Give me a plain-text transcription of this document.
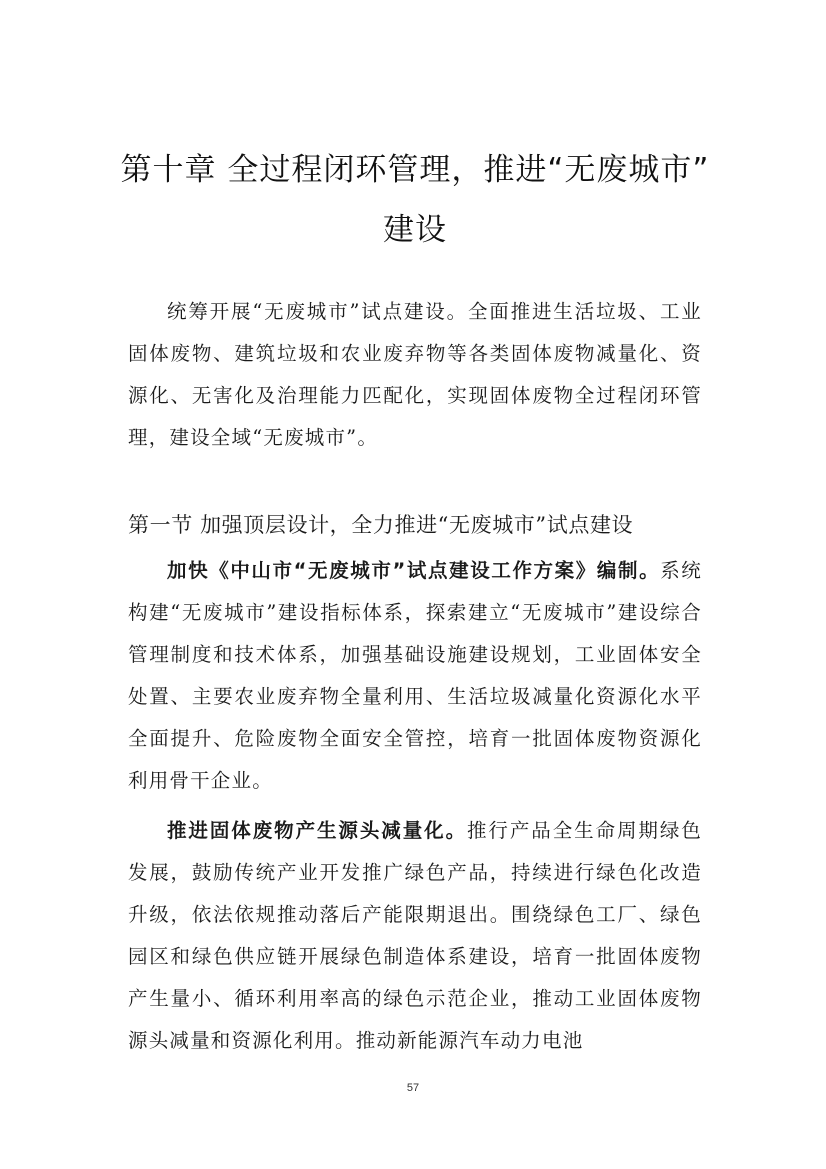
第十章 全过程闭环管理，推进“无废城市”
建设

统筹开展“无废城市”试点建设。全面推进生活垃圾、工业固体废物、建筑垃圾和农业废弃物等各类固体废物减量化、资源化、无害化及治理能力匹配化，实现固体废物全过程闭环管理，建设全域“无废城市”。

第一节 加强顶层设计，全力推进“无废城市”试点建设

加快《中山市“无废城市”试点建设工作方案》编制。系统构建“无废城市”建设指标体系，探索建立“无废城市”建设综合管理制度和技术体系，加强基础设施建设规划，工业固体安全处置、主要农业废弃物全量利用、生活垃圾减量化资源化水平全面提升、危险废物全面安全管控，培育一批固体废物资源化利用骨干企业。

推进固体废物产生源头减量化。推行产品全生命周期绿色发展，鼓励传统产业开发推广绿色产品，持续进行绿色化改造升级，依法依规推动落后产能限期退出。围绕绿色工厂、绿色园区和绿色供应链开展绿色制造体系建设，培育一批固体废物产生量小、循环利用率高的绿色示范企业，推动工业固体废物源头减量和资源化利用。推动新能源汽车动力电池

57
